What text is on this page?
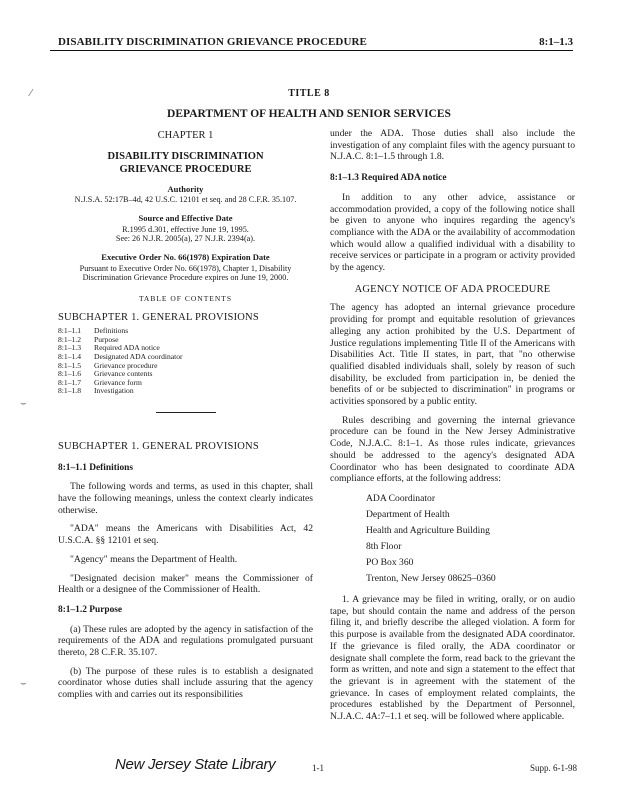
DISABILITY DISCRIMINATION GRIEVANCE PROCEDURE	8:1–1.3
TITLE 8
DEPARTMENT OF HEALTH AND SENIOR SERVICES
CHAPTER 1
DISABILITY DISCRIMINATION
GRIEVANCE PROCEDURE
Authority
N.J.S.A. 52:17B–4d, 42 U.S.C. 12101 et seq. and 28 C.F.R. 35.107.
Source and Effective Date
R.1995 d.301, effective June 19, 1995.
See: 26 N.J.R. 2005(a), 27 N.J.R. 2394(a).
Executive Order No. 66(1978) Expiration Date
Pursuant to Executive Order No. 66(1978), Chapter 1, Disability Discrimination Grievance Procedure expires on June 19, 2000.
TABLE OF CONTENTS
SUBCHAPTER 1. GENERAL PROVISIONS
8:1–1.1	Definitions
8:1–1.2	Purpose
8:1–1.3	Required ADA notice
8:1–1.4	Designated ADA coordinator
8:1–1.5	Grievance procedure
8:1–1.6	Grievance contents
8:1–1.7	Grievance form
8:1–1.8	Investigation
SUBCHAPTER 1. GENERAL PROVISIONS
8:1–1.1 Definitions
The following words and terms, as used in this chapter, shall have the following meanings, unless the context clearly indicates otherwise.
"ADA" means the Americans with Disabilities Act, 42 U.S.C.A. §§ 12101 et seq.
"Agency" means the Department of Health.
"Designated decision maker" means the Commissioner of Health or a designee of the Commissioner of Health.
8:1–1.2 Purpose
(a) These rules are adopted by the agency in satisfaction of the requirements of the ADA and regulations promulgated pursuant thereto, 28 C.F.R. 35.107.
(b) The purpose of these rules is to establish a designated coordinator whose duties shall include assuring that the agency complies with and carries out its responsibilities
under the ADA. Those duties shall also include the investigation of any complaint files with the agency pursuant to N.J.A.C. 8:1–1.5 through 1.8.
8:1–1.3 Required ADA notice
In addition to any other advice, assistance or accommodation provided, a copy of the following notice shall be given to anyone who inquires regarding the agency's compliance with the ADA or the availability of accommodation which would allow a qualified individual with a disability to receive services or participate in a program or activity provided by the agency.
AGENCY NOTICE OF ADA PROCEDURE
The agency has adopted an internal grievance procedure providing for prompt and equitable resolution of grievances alleging any action prohibited by the U.S. Department of Justice regulations implementing Title II of the Americans with Disabilities Act. Title II states, in part, that "no otherwise qualified disabled individuals shall, solely by reason of such disability, be excluded from participation in, be denied the benefits of or be subjected to discrimination" in programs or activities sponsored by a public entity.
Rules describing and governing the internal grievance procedure can be found in the New Jersey Administrative Code, N.J.A.C. 8:1–1. As those rules indicate, grievances should be addressed to the agency's designated ADA Coordinator who has been designated to coordinate ADA compliance efforts, at the following address:
ADA Coordinator
Department of Health
Health and Agriculture Building
8th Floor
PO Box 360
Trenton, New Jersey 08625–0360
1. A grievance may be filed in writing, orally, or on audio tape, but should contain the name and address of the person filing it, and briefly describe the alleged violation. A form for this purpose is available from the designated ADA coordinator. If the grievance is filed orally, the ADA coordinator or designate shall complete the form, read back to the grievant the form as written, and note and sign a statement to the effect that the grievant is in agreement with the statement of the grievance. In cases of employment related complaints, the procedures established by the Department of Personnel, N.J.A.C. 4A:7–1.1 et seq. will be followed where applicable.
New Jersey State Library	1-1	Supp. 6-1-98
⁄
⌣
⌣
